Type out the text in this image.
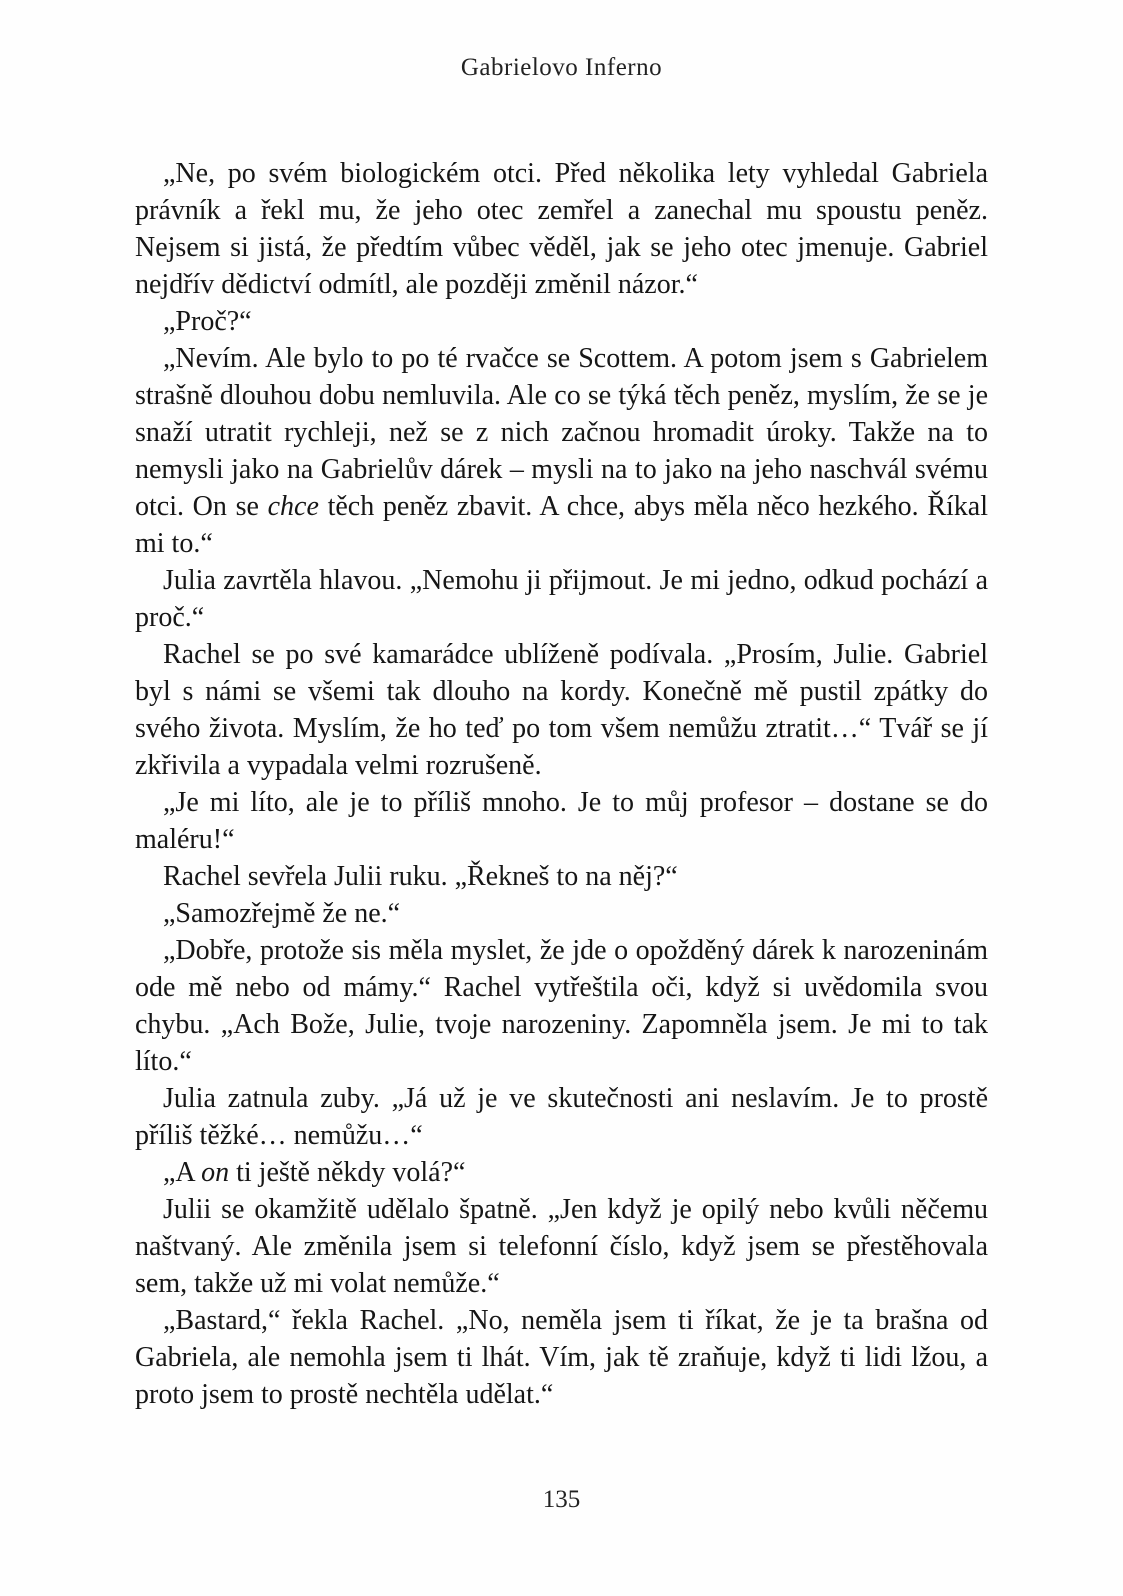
Gabrielovo Inferno

„Ne, po svém biologickém otci. Před několika lety vyhledal Gabriela právník a řekl mu, že jeho otec zemřel a zanechal mu spoustu peněz. Nejsem si jistá, že předtím vůbec věděl, jak se jeho otec jmenuje. Gabriel nejdřív dědictví odmítl, ale později změnil názor.“

„Proč?“

„Nevím. Ale bylo to po té rvačce se Scottem. A potom jsem s Gabrielem strašně dlouhou dobu nemluvila. Ale co se týká těch peněz, myslím, že se je snaží utratit rychleji, než se z nich začnou hromadit úroky. Takže na to nemysli jako na Gabrielův dárek – mysli na to jako na jeho naschvál svému otci. On se chce těch peněz zbavit. A chce, abys měla něco hezkého. Říkal mi to.“

Julia zavrtěla hlavou. „Nemohu ji přijmout. Je mi jedno, odkud pochází a proč.“

Rachel se po své kamarádce ublíženě podívala. „Prosím, Julie. Gabriel byl s námi se všemi tak dlouho na kordy. Konečně mě pustil zpátky do svého života. Myslím, že ho teď po tom všem nemůžu ztratit…“ Tvář se jí zkřivila a vypadala velmi rozrušeně.

„Je mi líto, ale je to příliš mnoho. Je to můj profesor – dostane se do maléru!“

Rachel sevřela Julii ruku. „Řekneš to na něj?“

„Samozřejmě že ne.“

„Dobře, protože sis měla myslet, že jde o opožděný dárek k narozeninám ode mě nebo od mámy.“ Rachel vytřeštila oči, když si uvědomila svou chybu. „Ach Bože, Julie, tvoje narozeniny. Zapomněla jsem. Je mi to tak líto.“

Julia zatnula zuby. „Já už je ve skutečnosti ani neslavím. Je to prostě příliš těžké… nemůžu…“

„A on ti ještě někdy volá?“

Julii se okamžitě udělalo špatně. „Jen když je opilý nebo kvůli něčemu naštvaný. Ale změnila jsem si telefonní číslo, když jsem se přestěhovala sem, takže už mi volat nemůže.“

„Bastard,“ řekla Rachel. „No, neměla jsem ti říkat, že je ta brašna od Gabriela, ale nemohla jsem ti lhát. Vím, jak tě zraňuje, když ti lidi lžou, a proto jsem to prostě nechtěla udělat.“

135
